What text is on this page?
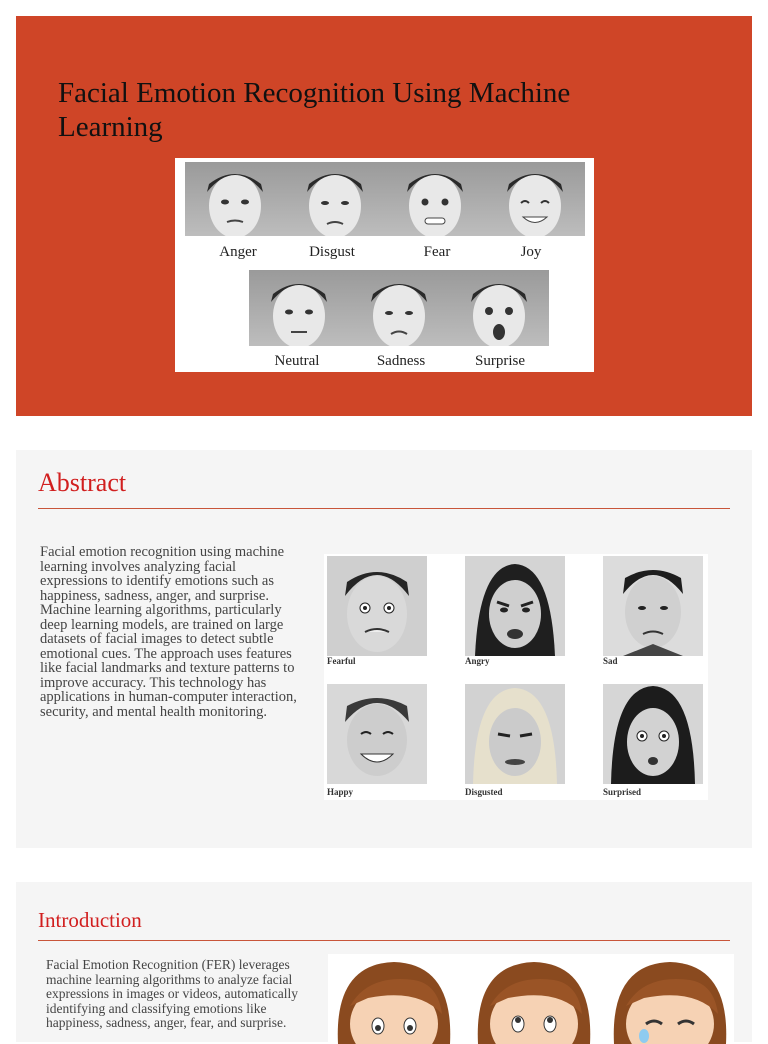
Facial Emotion Recognition Using Machine Learning
Anger	Disgust	Fear	Joy
Neutral	Sadness	Surprise
Abstract

Facial emotion recognition using machine learning involves analyzing facial expressions to identify emotions such as happiness, sadness, anger, and surprise. Machine learning algorithms, particularly deep learning models, are trained on large datasets of facial images to detect subtle emotional cues. The approach uses features like facial landmarks and texture patterns to improve accuracy. This technology has applications in human-computer interaction, security, and mental health monitoring.

Fearful	Angry	Sad
Happy	Disgusted	Surprised
Introduction

Facial Emotion Recognition (FER) leverages machine learning algorithms to analyze facial expressions in images or videos, automatically identifying and classifying emotions like happiness, sadness, anger, fear, and surprise.
